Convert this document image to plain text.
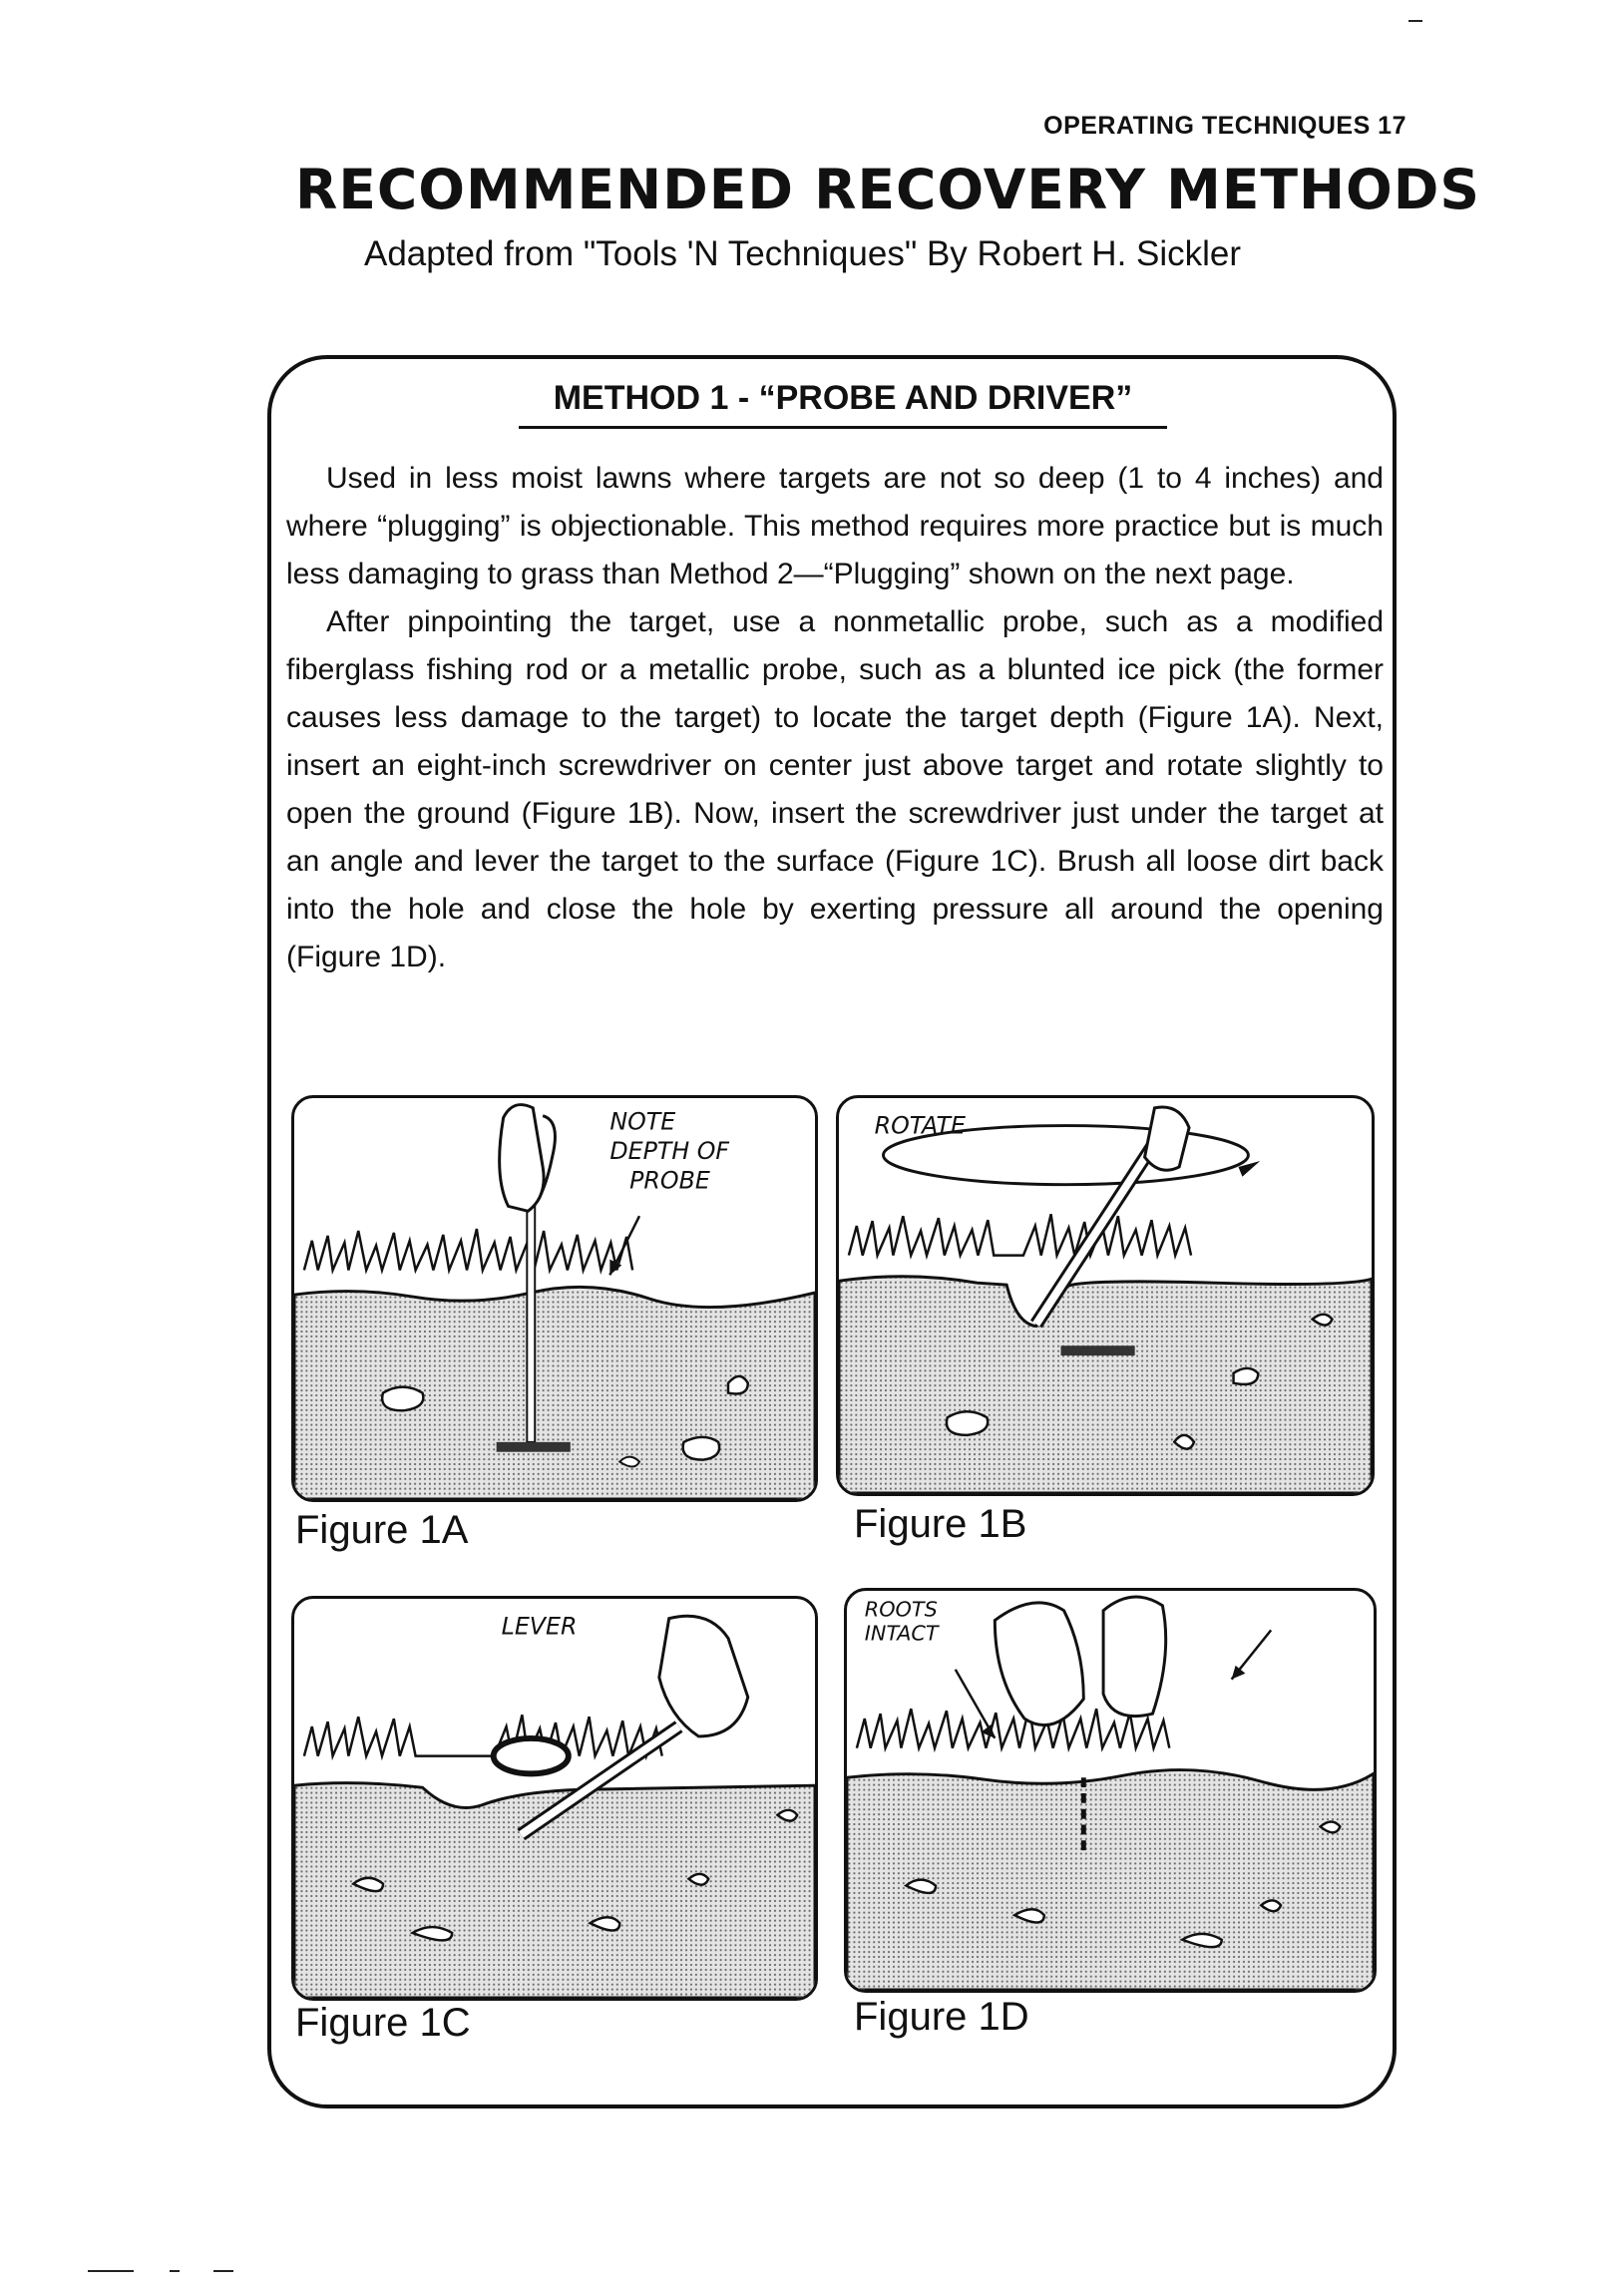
OPERATING TECHNIQUES 17
RECOMMENDED RECOVERY METHODS
Adapted from "Tools 'N Techniques" By Robert H. Sickler
METHOD 1 - “PROBE AND DRIVER”

Used in less moist lawns where targets are not so deep (1 to 4 inches) and where “plugging” is objectionable. This method requires more practice but is much less damaging to grass than Method 2—“Plugging” shown on the next page.

After pinpointing the target, use a nonmetallic probe, such as a modified fiberglass fishing rod or a metallic probe, such as a blunted ice pick (the former causes less damage to the target) to locate the target depth (Figure 1A). Next, insert an eight-inch screwdriver on center just above target and rotate slightly to open the ground (Figure 1B). Now, insert the screwdriver just under the target at an angle and lever the target to the surface (Figure 1C). Brush all loose dirt back into the hole and close the hole by exerting pressure all around the opening (Figure 1D).

NOTE
DEPTH OF
PROBE
Figure 1A
ROTATE
Figure 1B
LEVER
Figure 1C
ROOTS
INTACT
Figure 1D
